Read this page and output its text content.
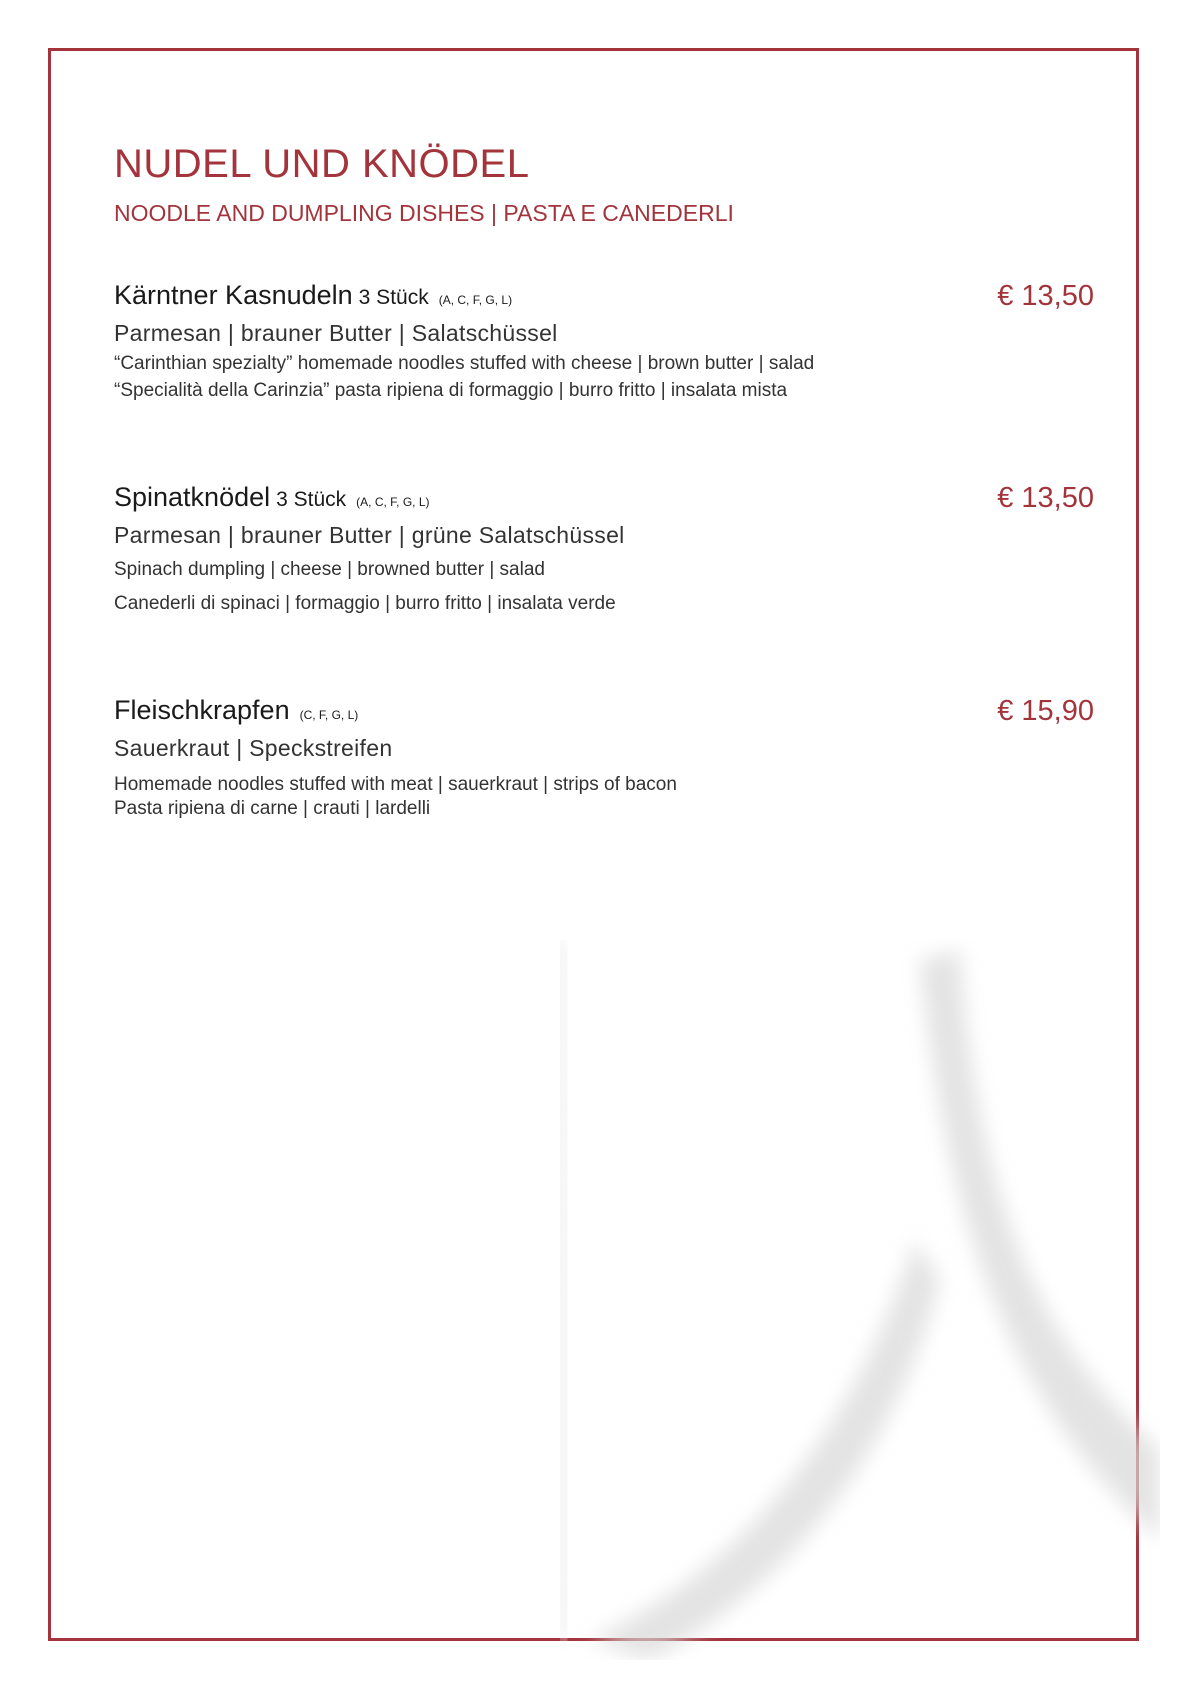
NUDEL UND KNÖDEL
NOODLE AND DUMPLING DISHES | PASTA E CANEDERLI
Kärntner Kasnudeln 3 Stück (A, C, F, G, L)	€ 13,50
Parmesan | brauner Butter | Salatschüssel
“Carinthian spezialty” homemade noodles stuffed with cheese | brown butter | salad
“Specialità della Carinzia” pasta ripiena di formaggio | burro fritto | insalata mista
Spinatknödel 3 Stück (A, C, F, G, L)	€ 13,50
Parmesan | brauner Butter | grüne Salatschüssel
Spinach dumpling | cheese | browned butter | salad
Canederli di spinaci | formaggio | burro fritto | insalata verde
Fleischkrapfen (C, F, G, L)	€ 15,90
Sauerkraut | Speckstreifen
Homemade noodles stuffed with meat | sauerkraut | strips of bacon
Pasta ripiena di carne | crauti | lardelli
